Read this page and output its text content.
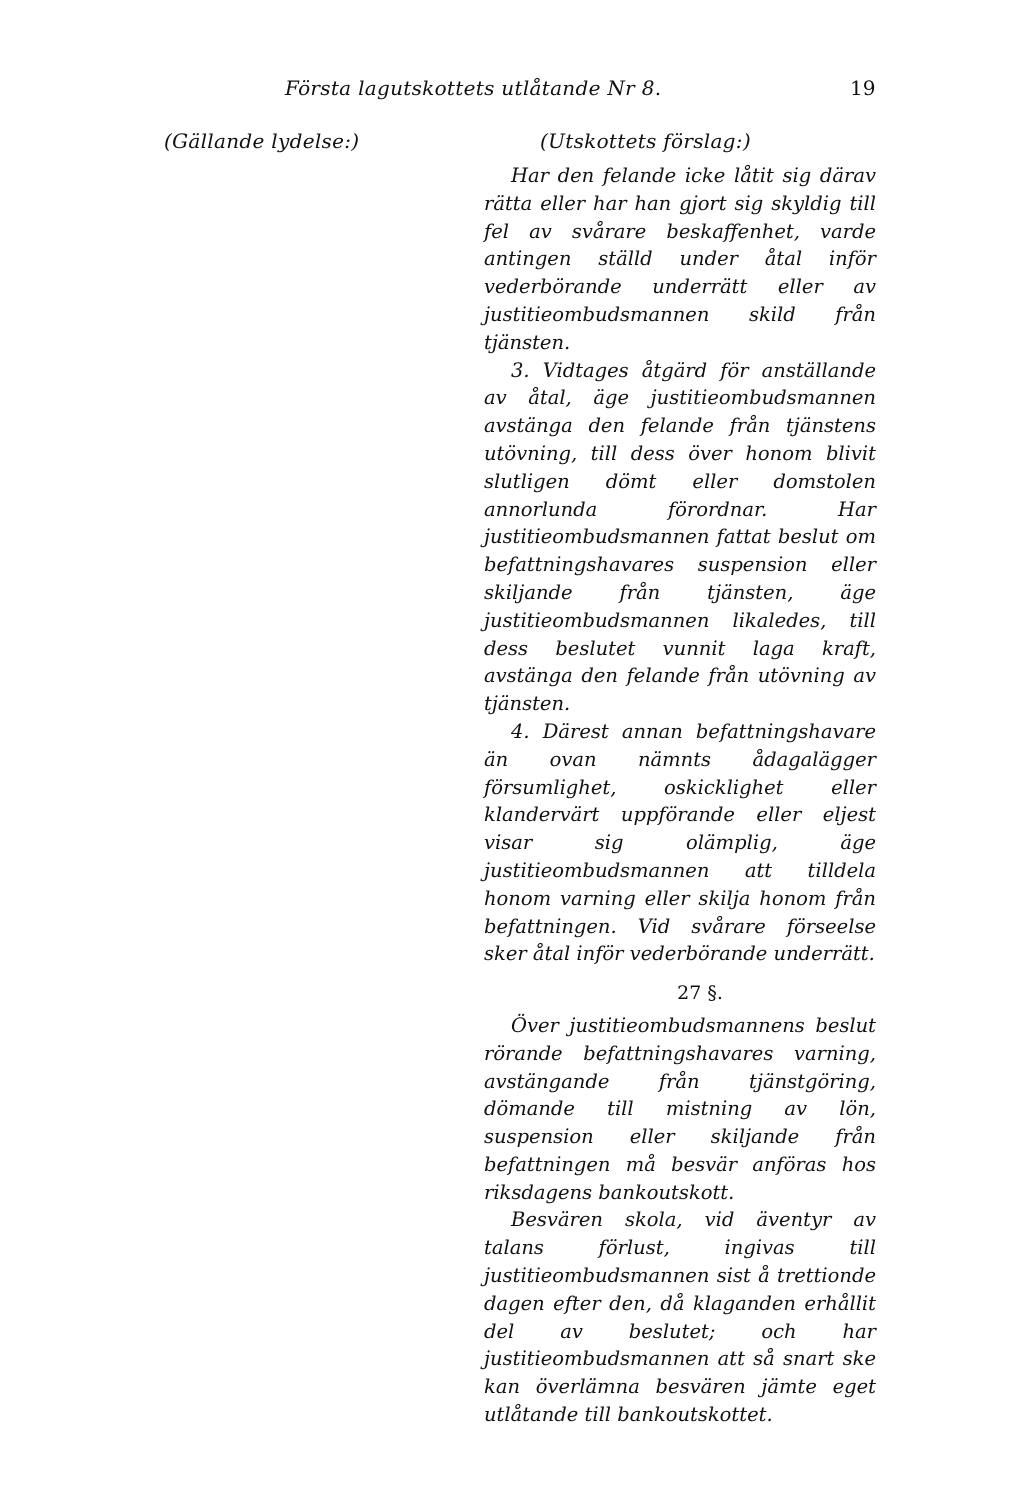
Första lagutskottets utlåtande Nr 8.	19
(Gällande lydelse:)	(Utskottets förslag:)

Har den felande icke låtit sig därav rätta eller har han gjort sig skyldig till fel av svårare beskaffenhet, varde antingen ställd under åtal inför vederbörande underrätt eller av justitieombudsmannen skild från tjänsten.

3. Vidtages åtgärd för anställande av åtal, äge justitieombudsmannen avstänga den felande från tjänstens utövning, till dess över honom blivit slutligen dömt eller domstolen annorlunda förordnar. Har justitieombudsmannen fattat beslut om befattningshavares suspension eller skiljande från tjänsten, äge justitieombudsmannen likaledes, till dess beslutet vunnit laga kraft, avstänga den felande från utövning av tjänsten.

4. Därest annan befattningshavare än ovan nämnts ådagalägger försumlighet, oskicklighet eller klandervärt uppförande eller eljest visar sig olämplig, äge justitieombudsmannen att tilldela honom varning eller skilja honom från befattningen. Vid svårare förseelse sker åtal inför vederbörande underrätt.

27 §.

Över justitieombudsmannens beslut rörande befattningshavares varning, avstängande från tjänstgöring, dömande till mistning av lön, suspension eller skiljande från befattningen må besvär anföras hos riksdagens bankoutskott.

Besvären skola, vid äventyr av talans förlust, ingivas till justitieombudsmannen sist å trettionde dagen efter den, då klaganden erhållit del av beslutet; och har justitieombudsmannen att så snart ske kan överlämna besvären jämte eget utlåtande till bankoutskottet.
